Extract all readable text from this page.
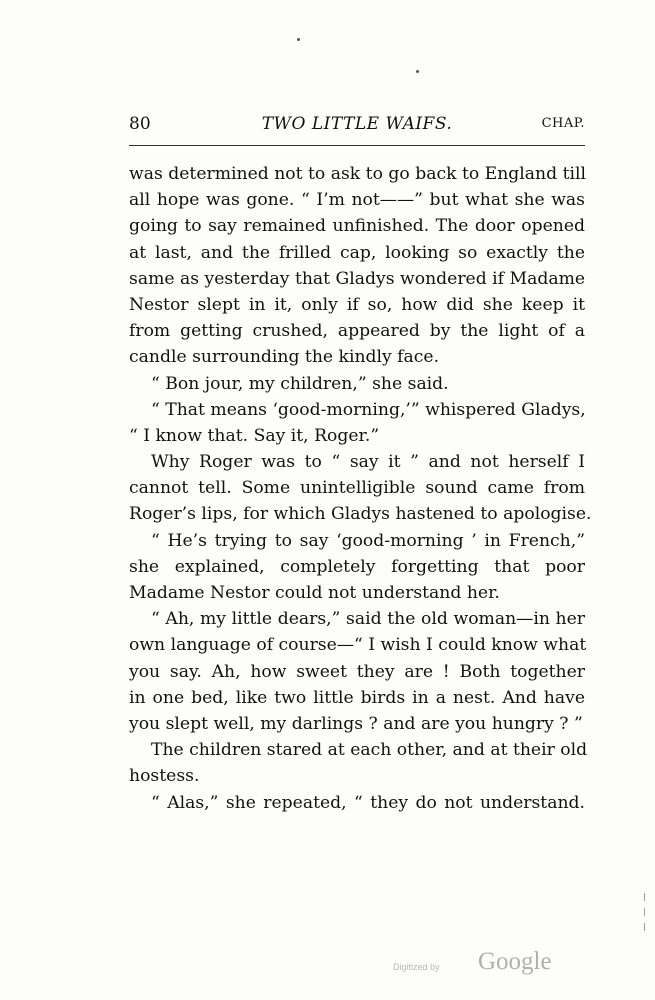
80	TWO LITTLE WAIFS.	CHAP.
was determined not to ask to go back to England till
all hope was gone. “ I’m not——” but what she was
going to say remained unfinished. The door opened
at last, and the frilled cap, looking so exactly the
same as yesterday that Gladys wondered if Madame
Nestor slept in it, only if so, how did she keep it
from getting crushed, appeared by the light of a
candle surrounding the kindly face.
“ Bon jour, my children,” she said.
“ That means ‘good-morning,’” whispered Gladys,
“ I know that. Say it, Roger.”
Why Roger was to “ say it ” and not herself I
cannot tell. Some unintelligible sound came from
Roger’s lips, for which Gladys hastened to apologise.
“ He’s trying to say ‘good-morning ’ in French,”
she explained, completely forgetting that poor
Madame Nestor could not understand her.
“ Ah, my little dears,” said the old woman—in her
own language of course—“ I wish I could know what
you say. Ah, how sweet they are ! Both together
in one bed, like two little birds in a nest. And have
you slept well, my darlings ? and are you hungry ? ”
The children stared at each other, and at their old
hostess.
“ Alas,” she repeated, “ they do not understand.
Digitized by Google
